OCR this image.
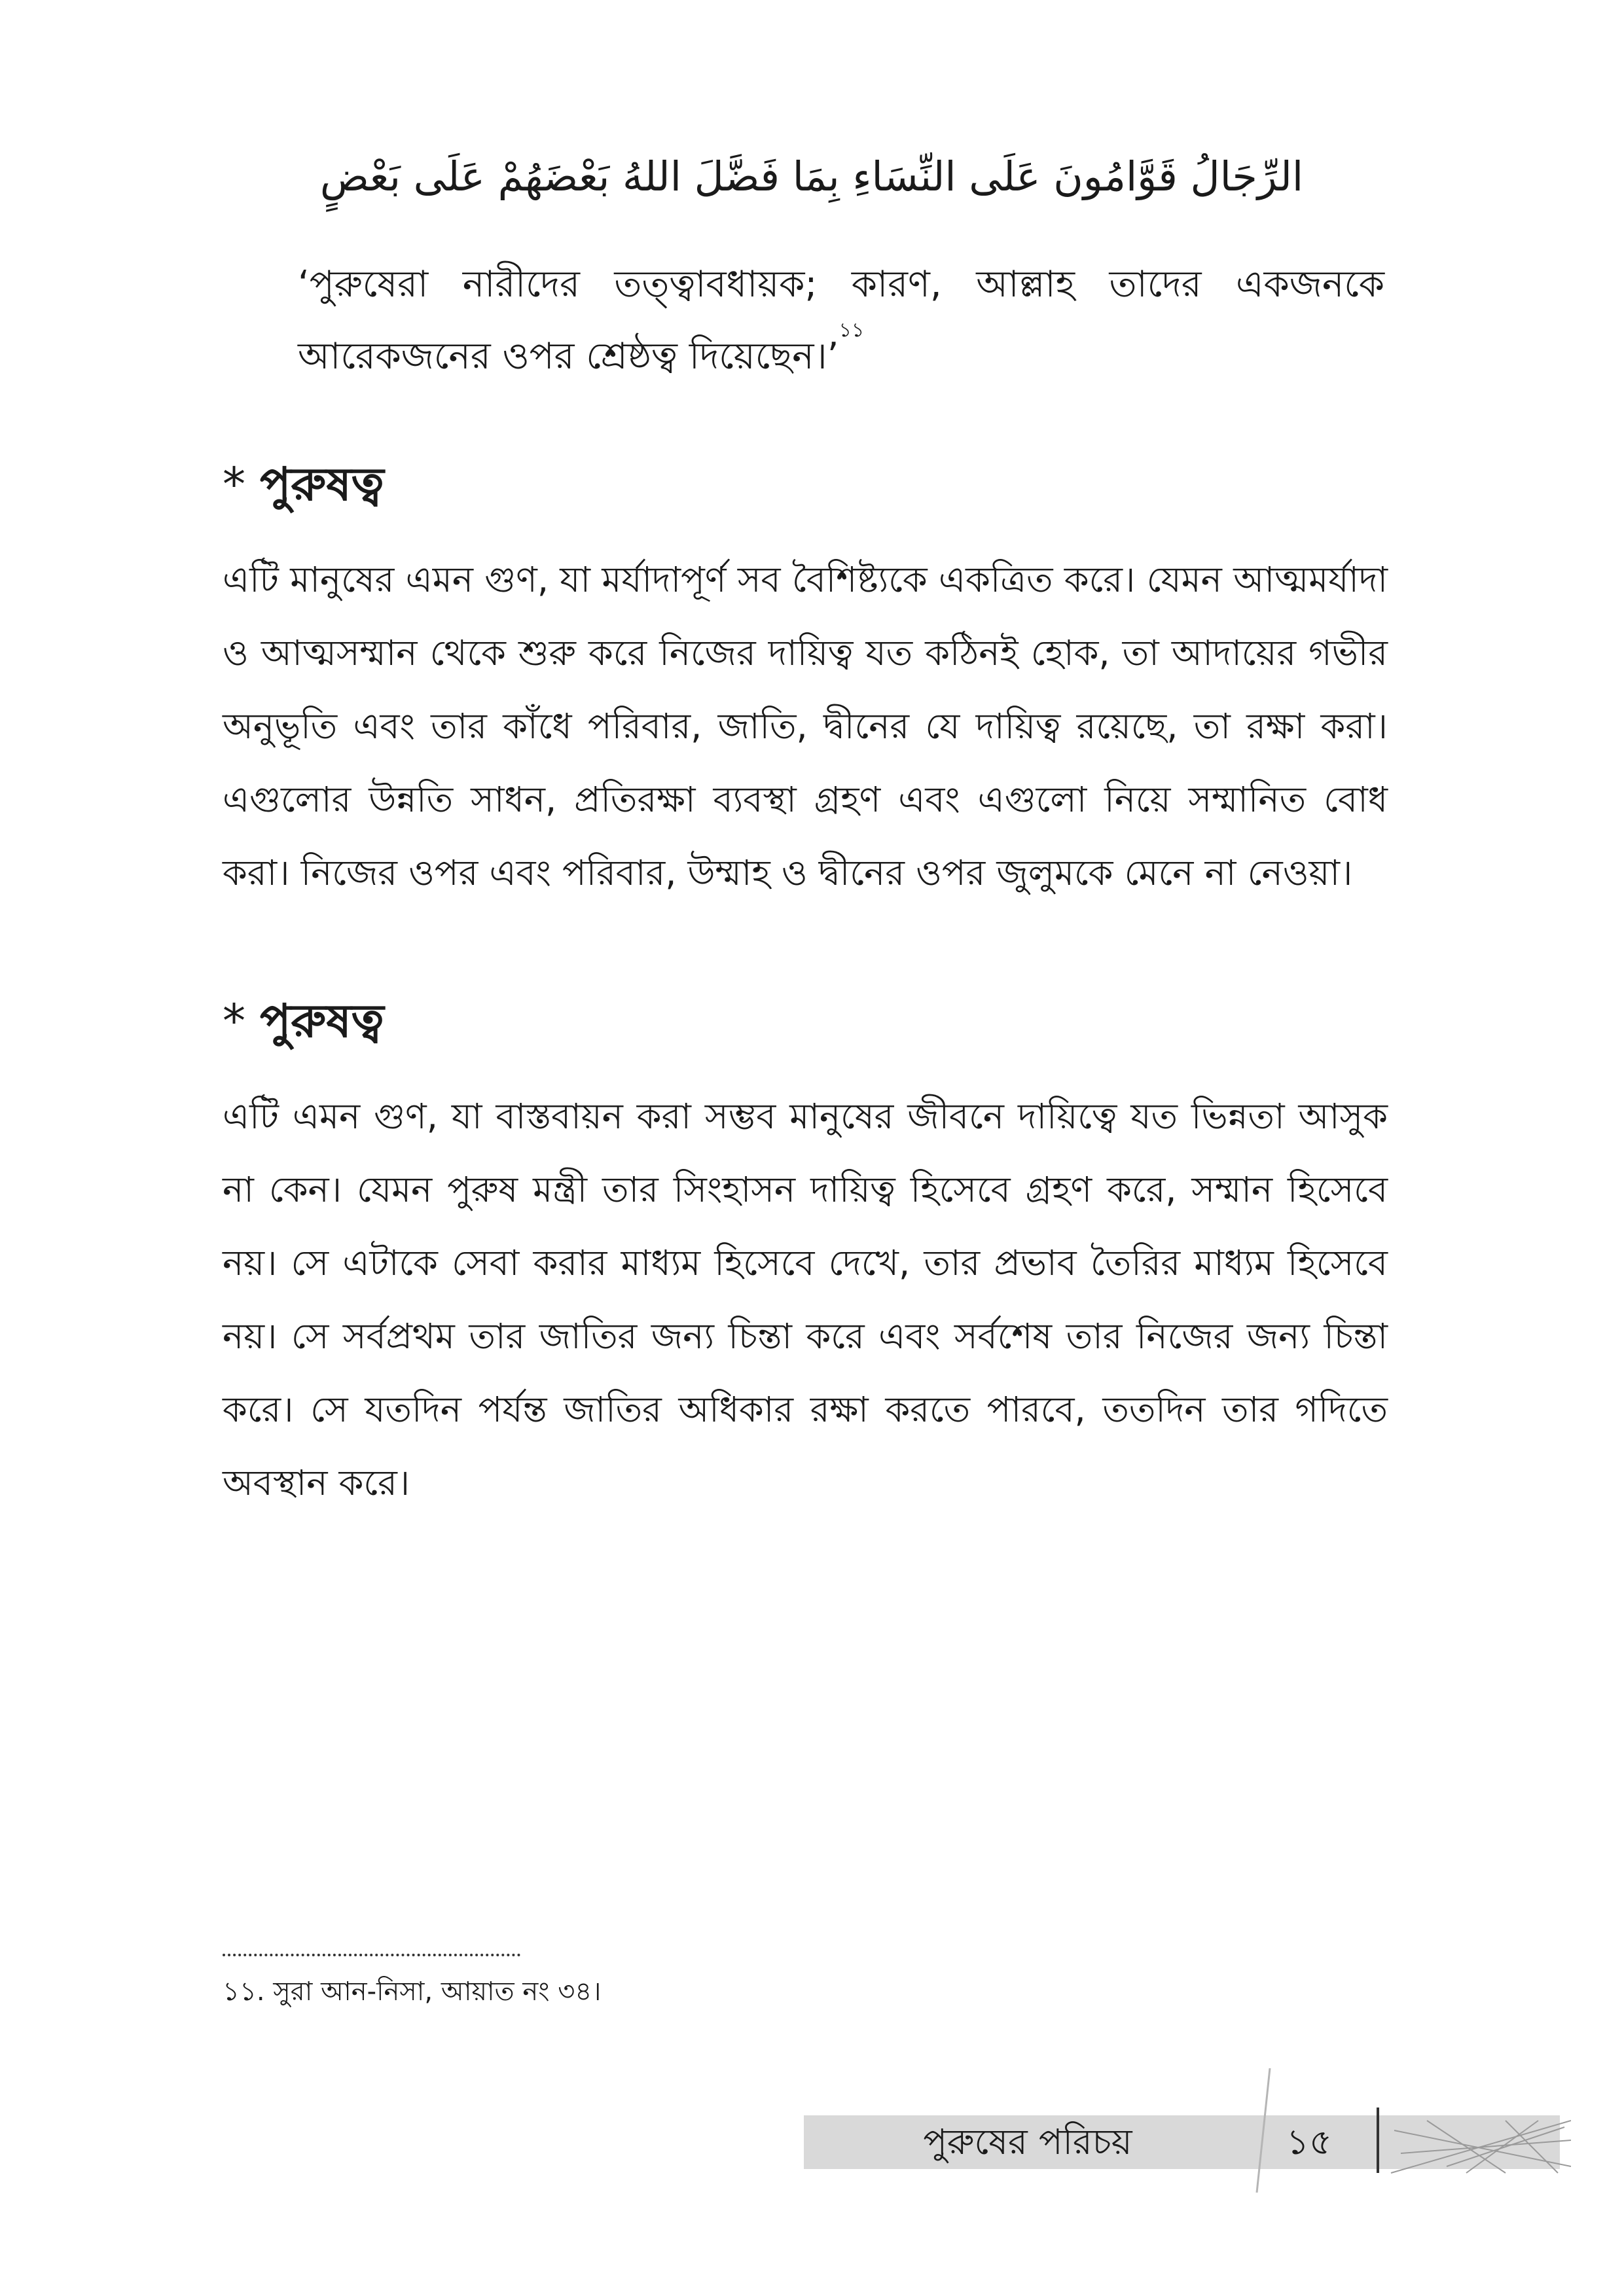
الرِّجَالُ قَوَّامُونَ عَلَى النِّسَاءِ بِمَا فَضَّلَ اللهُ بَعْضَهُمْ عَلَى بَعْضٍ
‘পুরুষেরা নারীদের তত্ত্বাবধায়ক; কারণ, আল্লাহ তাদের একজনকে আরেকজনের ওপর শ্রেষ্ঠত্ব দিয়েছেন।’$^{১১}$
* পুরুষত্ব
এটি মানুষের এমন গুণ, যা মর্যাদাপূর্ণ সব বৈশিষ্ট্যকে একত্রিত করে। যেমন আত্মমর্যাদা ও আত্মসম্মান থেকে শুরু করে নিজের দায়িত্ব যত কঠিনই হোক, তা আদায়ের গভীর অনুভূতি এবং তার কাঁধে পরিবার, জাতি, দ্বীনের যে দায়িত্ব রয়েছে, তা রক্ষা করা। এগুলোর উন্নতি সাধন, প্রতিরক্ষা ব্যবস্থা গ্রহণ এবং এগুলো নিয়ে সম্মানিত বোধ করা। নিজের ওপর এবং পরিবার, উম্মাহ ও দ্বীনের ওপর জুলুমকে মেনে না নেওয়া।
* পুরুষত্ব
এটি এমন গুণ, যা বাস্তবায়ন করা সম্ভব মানুষের জীবনে দায়িত্বে যত ভিন্নতা আসুক না কেন। যেমন পুরুষ মন্ত্রী তার সিংহাসন দায়িত্ব হিসেবে গ্রহণ করে, সম্মান হিসেবে নয়। সে এটাকে সেবা করার মাধ্যম হিসেবে দেখে, তার প্রভাব তৈরির মাধ্যম হিসেবে নয়। সে সর্বপ্রথম তার জাতির জন্য চিন্তা করে এবং সর্বশেষ তার নিজের জন্য চিন্তা করে। সে যতদিন পর্যন্ত জাতির অধিকার রক্ষা করতে পারবে, ততদিন তার গদিতে অবস্থান করে।
১১. সুরা আন-নিসা, আয়াত নং ৩৪।
পুরুষের পরিচয়	১৫
